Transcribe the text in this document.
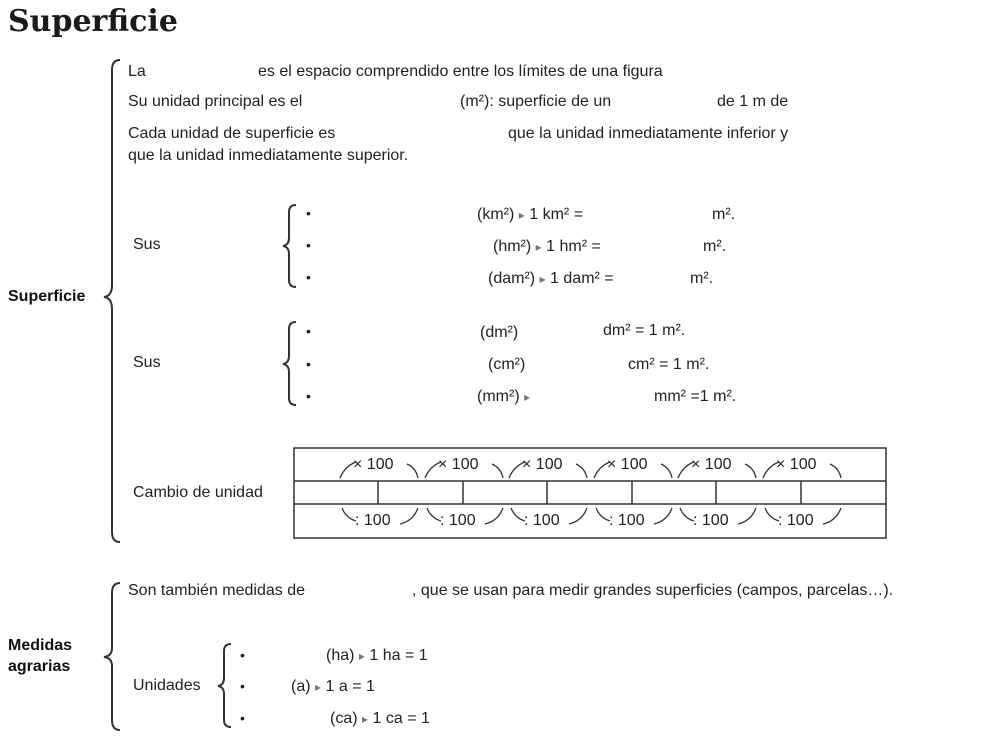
Superficie
Superficie
Medidas
agrarias
La	es el espacio comprendido entre los límites de una figura
Su unidad principal es el	(m²): superficie de un	de 1 m de
Cada unidad de superficie es	que la unidad inmediatamente inferior y
que la unidad inmediatamente superior.
Sus
•	(km²) ▸ 1 km² =	m².
•	(hm²) ▸ 1 hm² =	m².
•	(dam²) ▸ 1 dam² =	m².
Sus
•	(dm²)	dm² = 1 m².
•	(cm²)	cm² = 1 m².
•	(mm²) ▸	mm² =1 m².
Cambio de unidad
× 100	× 100	× 100	× 100	× 100	× 100
: 100	: 100	: 100	: 100	: 100	: 100
Son también medidas de	, que se usan para medir grandes superficies (campos, parcelas…).
Unidades
•	(ha) ▸ 1 ha = 1
•	(a) ▸ 1 a = 1
•	(ca) ▸ 1 ca = 1
